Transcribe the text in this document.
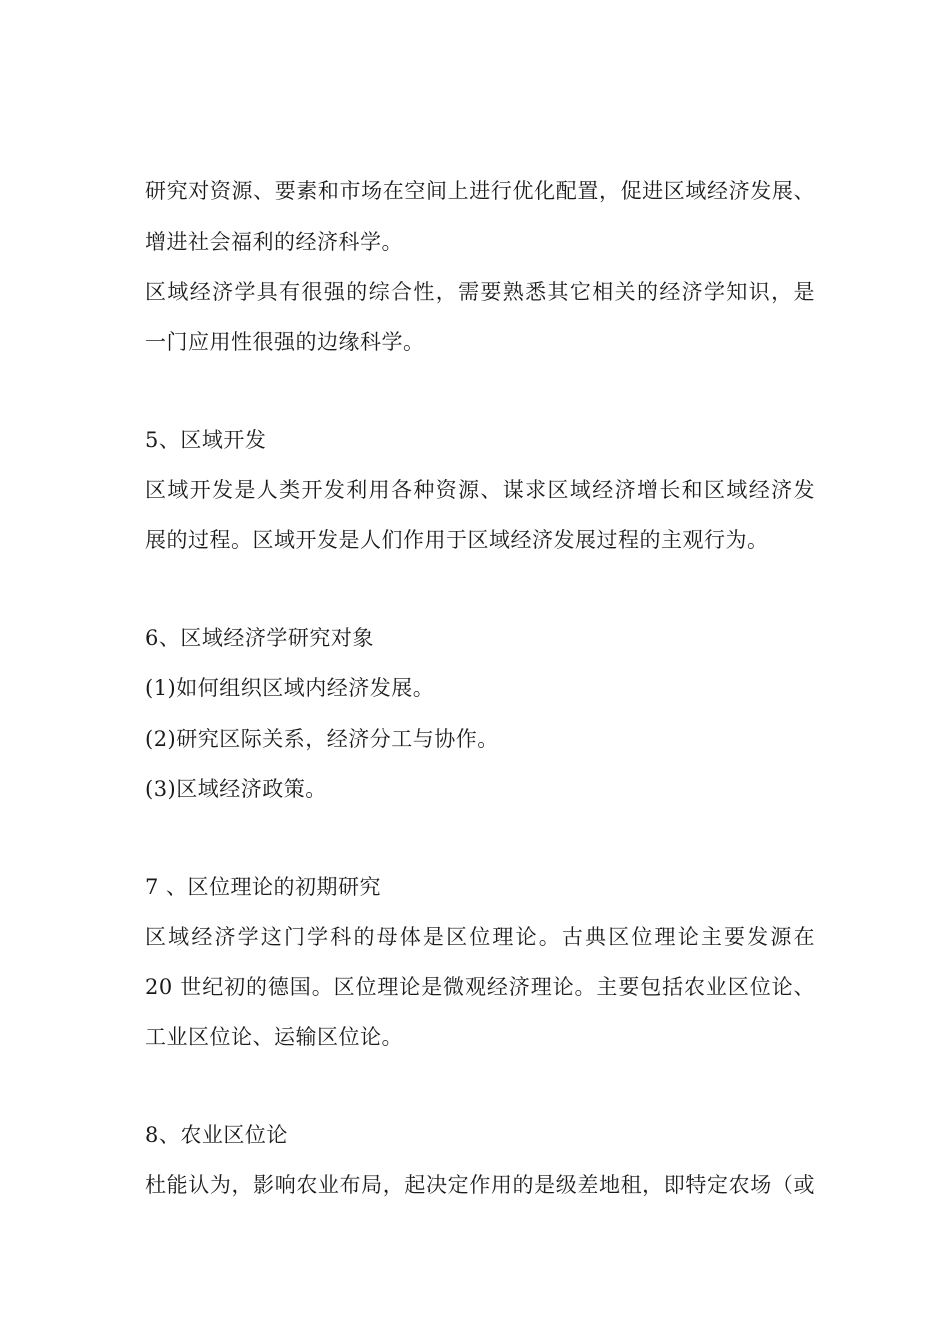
研究对资源、要素和市场在空间上进行优化配置，促进区域经济发展、
增进社会福利的经济科学。
区域经济学具有很强的综合性，需要熟悉其它相关的经济学知识，是
一门应用性很强的边缘科学。
5、区域开发
区域开发是人类开发利用各种资源、谋求区域经济增长和区域经济发
展的过程。区域开发是人们作用于区域经济发展过程的主观行为。
6、区域经济学研究对象
(1)如何组织区域内经济发展。
(2)研究区际关系，经济分工与协作。
(3)区域经济政策。
7 、区位理论的初期研究
区域经济学这门学科的母体是区位理论。古典区位理论主要发源在
20 世纪初的德国。区位理论是微观经济理论。主要包括农业区位论、
工业区位论、运输区位论。
8、农业区位论
杜能认为，影响农业布局，起决定作用的是级差地租，即特定农场（或
